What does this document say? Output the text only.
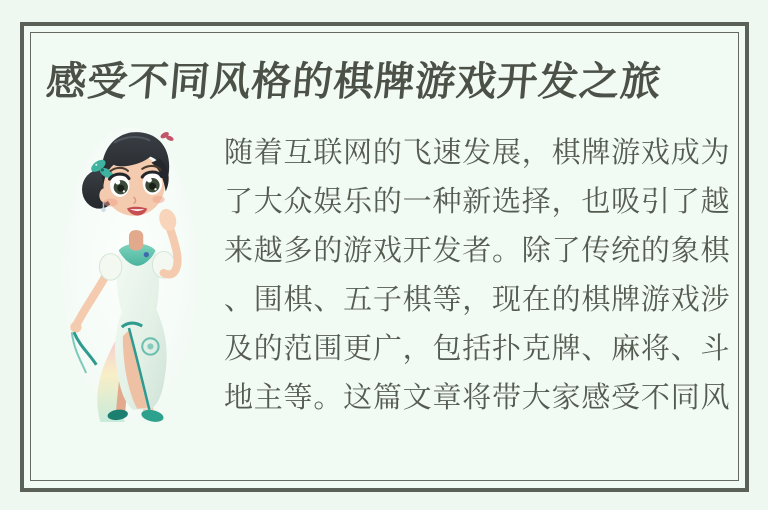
感受不同风格的棋牌游戏开发之旅
随着互联网的飞速发展，棋牌游戏成为
了大众娱乐的一种新选择，也吸引了越
来越多的游戏开发者。除了传统的象棋
、围棋、五子棋等，现在的棋牌游戏涉
及的范围更广，包括扑克牌、麻将、斗
地主等。这篇文章将带大家感受不同风
